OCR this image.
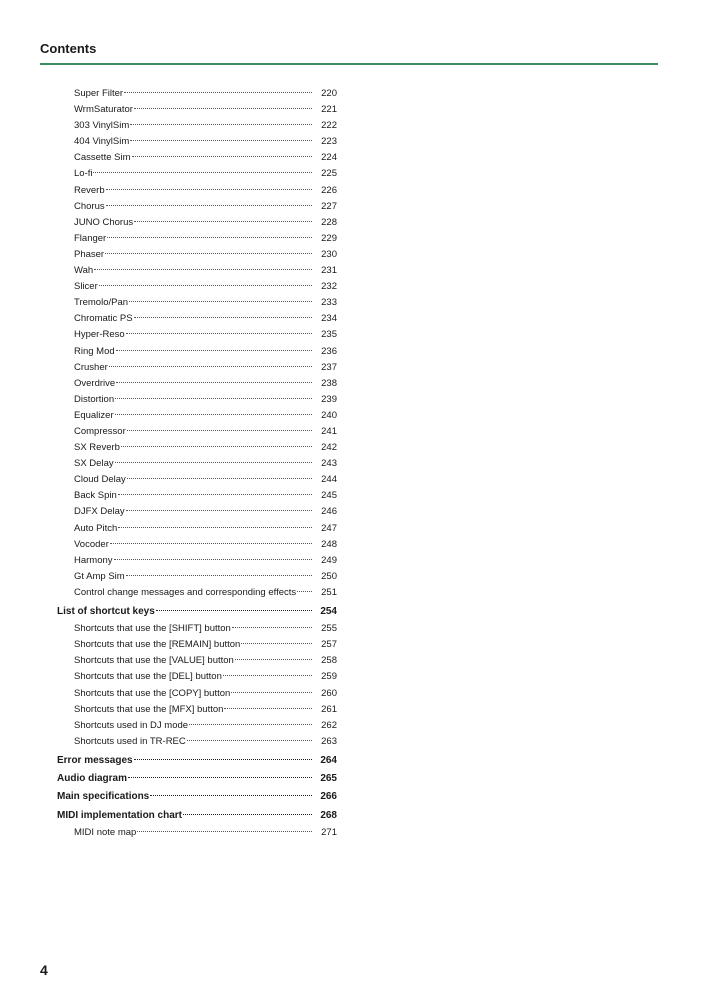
Contents
Super Filter	220
WrmSaturator	221
303 VinylSim	222
404 VinylSim	223
Cassette Sim	224
Lo-fi	225
Reverb	226
Chorus	227
JUNO Chorus	228
Flanger	229
Phaser	230
Wah	231
Slicer	232
Tremolo/Pan	233
Chromatic PS	234
Hyper-Reso	235
Ring Mod	236
Crusher	237
Overdrive	238
Distortion	239
Equalizer	240
Compressor	241
SX Reverb	242
SX Delay	243
Cloud Delay	244
Back Spin	245
DJFX Delay	246
Auto Pitch	247
Vocoder	248
Harmony	249
Gt Amp Sim	250
Control change messages and corresponding effects	251
List of shortcut keys	254
Shortcuts that use the [SHIFT] button	255
Shortcuts that use the [REMAIN] button	257
Shortcuts that use the [VALUE] button	258
Shortcuts that use the [DEL] button	259
Shortcuts that use the [COPY] button	260
Shortcuts that use the [MFX] button	261
Shortcuts used in DJ mode	262
Shortcuts used in TR-REC	263
Error messages	264
Audio diagram	265
Main specifications	266
MIDI implementation chart	268
MIDI note map	271
4
